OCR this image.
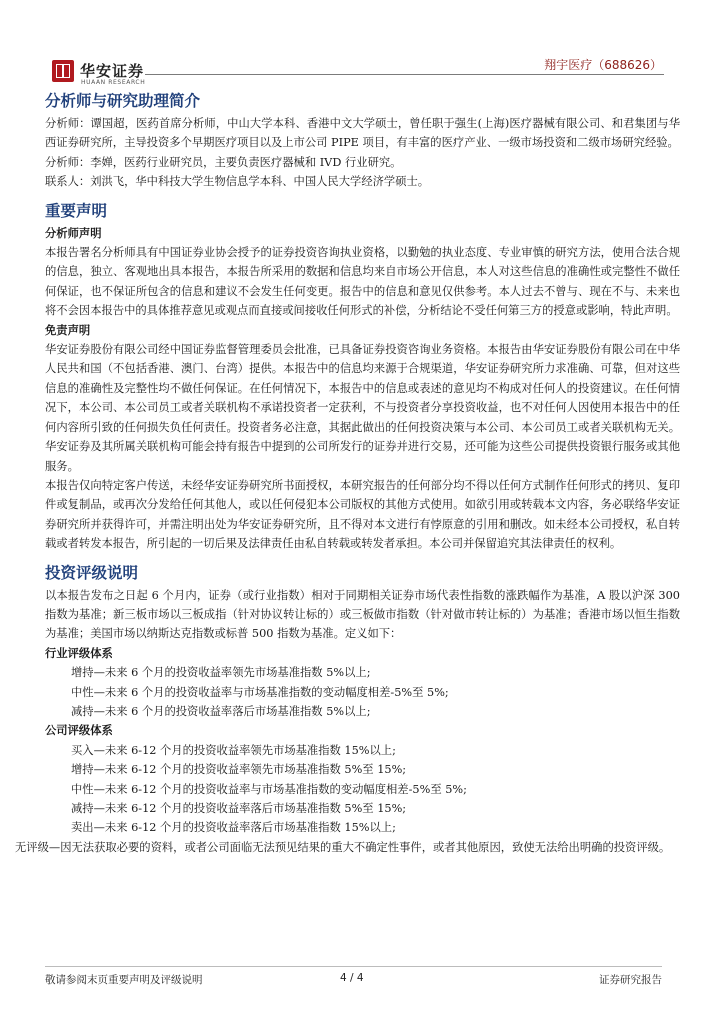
华安证券
HUAAN RESEARCH
翔宇医疗（688626）
分析师与研究助理简介

分析师：谭国超，医药首席分析师，中山大学本科、香港中文大学硕士，曾任职于强生(上海)医疗器械有限公司、和君集团与华西证券研究所，主导投资多个早期医疗项目以及上市公司 PIPE 项目，有丰富的医疗产业、一级市场投资和二级市场研究经验。

分析师：李婵，医药行业研究员，主要负责医疗器械和 IVD 行业研究。

联系人：刘洪飞，华中科技大学生物信息学本科、中国人民大学经济学硕士。

重要声明
分析师声明

本报告署名分析师具有中国证券业协会授予的证券投资咨询执业资格，以勤勉的执业态度、专业审慎的研究方法，使用合法合规的信息，独立、客观地出具本报告，本报告所采用的数据和信息均来自市场公开信息，本人对这些信息的准确性或完整性不做任何保证，也不保证所包含的信息和建议不会发生任何变更。报告中的信息和意见仅供参考。本人过去不曾与、现在不与、未来也将不会因本报告中的具体推荐意见或观点而直接或间接收任何形式的补偿，分析结论不受任何第三方的授意或影响，特此声明。

免责声明

华安证券股份有限公司经中国证券监督管理委员会批准，已具备证券投资咨询业务资格。本报告由华安证券股份有限公司在中华人民共和国（不包括香港、澳门、台湾）提供。本报告中的信息均来源于合规渠道，华安证券研究所力求准确、可靠，但对这些信息的准确性及完整性均不做任何保证。在任何情况下，本报告中的信息或表述的意见均不构成对任何人的投资建议。在任何情况下，本公司、本公司员工或者关联机构不承诺投资者一定获利，不与投资者分享投资收益，也不对任何人因使用本报告中的任何内容所引致的任何损失负任何责任。投资者务必注意，其据此做出的任何投资决策与本公司、本公司员工或者关联机构无关。华安证券及其所属关联机构可能会持有报告中提到的公司所发行的证券并进行交易，还可能为这些公司提供投资银行服务或其他服务。

本报告仅向特定客户传送，未经华安证券研究所书面授权，本研究报告的任何部分均不得以任何方式制作任何形式的拷贝、复印件或复制品，或再次分发给任何其他人，或以任何侵犯本公司版权的其他方式使用。如欲引用或转载本文内容，务必联络华安证券研究所并获得许可，并需注明出处为华安证券研究所，且不得对本文进行有悖原意的引用和删改。如未经本公司授权，私自转载或者转发本报告，所引起的一切后果及法律责任由私自转载或转发者承担。本公司并保留追究其法律责任的权利。

投资评级说明

以本报告发布之日起 6 个月内，证券（或行业指数）相对于同期相关证券市场代表性指数的涨跌幅作为基准，A 股以沪深 300 指数为基准；新三板市场以三板成指（针对协议转让标的）或三板做市指数（针对做市转让标的）为基准；香港市场以恒生指数为基准；美国市场以纳斯达克指数或标普 500 指数为基准。定义如下：

行业评级体系

增持—未来 6 个月的投资收益率领先市场基准指数 5%以上;

中性—未来 6 个月的投资收益率与市场基准指数的变动幅度相差-5%至 5%;

减持—未来 6 个月的投资收益率落后市场基准指数 5%以上;

公司评级体系

买入—未来 6-12 个月的投资收益率领先市场基准指数 15%以上;

增持—未来 6-12 个月的投资收益率领先市场基准指数 5%至 15%;

中性—未来 6-12 个月的投资收益率与市场基准指数的变动幅度相差-5%至 5%;

减持—未来 6-12 个月的投资收益率落后市场基准指数 5%至 15%;

卖出—未来 6-12 个月的投资收益率落后市场基准指数 15%以上;

无评级—因无法获取必要的资料，或者公司面临无法预见结果的重大不确定性事件，或者其他原因，致使无法给出明确的投资评级。

敬请参阅末页重要声明及评级说明	4 / 4	证券研究报告
